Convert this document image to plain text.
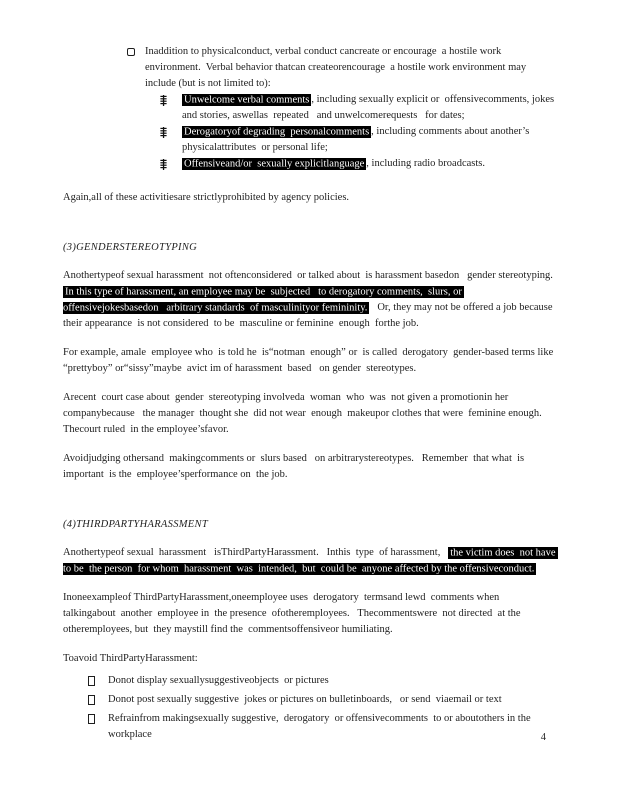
Inaddition to physicalconduct, verbal conduct cancreate or encourage  a hostile work environment.  Verbal behavior thatcan createorencourage  a hostile work environment may include (but is not limited to):

Unwelcome verbal comments , including sexually explicit or  offensivecomments, jokes and stories, aswellas  repeated   and unwelcomerequests   for dates;

Derogatoryof degrading  personalcomments , including comments about another’s physicalattributes  or personal life;

Offensiveand/or  sexually explicitlanguage , including radio broadcasts.

Again,all of these activitiesare strictlyprohibited by agency policies.

(3)GENDERSTEREOTYPING

Anothertypeof sexual harassment  not oftenconsidered  or talked about  is harassment basedon   gender stereotyping.  In this type of harassment, an employee may be  subjected   to derogatory comments,  slurs, or offensivejokesbasedon   arbitrary standards  of masculinityor femininity.   Or, they may not be offered a job because   their appearance  is not considered  to be  masculine or feminine  enough  forthe job.

For example, amale  employee who  is told he  is“notman  enough” or  is called  derogatory  gender-based terms like “prettyboy” or“sissy”maybe  avict im of harassment  based   on gender  stereotypes.

Arecent  court case about  gender  stereotyping involveda  woman  who  was  not given a promotionin her companybecause   the manager  thought she  did not wear  enough  makeupor clothes that were  feminine enough.   Thecourt ruled  in the employee’sfavor.

Avoidjudging othersand  makingcomments or  slurs based   on arbitrarystereotypes.   Remember  that what  is important  is the  employee’sperformance on  the job.

(4)THIRDPARTYHARASSMENT

Anothertypeof sexual  harassment   isThirdPartyHarassment.   Inthis  type  of harassment,   the victim does  not have to be  the person  for whom  harassment  was  intended,  but  could be  anyone affected by the offensiveconduct.

Inoneexampleof ThirdPartyHarassment,oneemployee uses  derogatory  termsand lewd  comments when  talkingabout  another  employee in  the presence  ofotheremployees.   Thecommentswere  not directed  at the  otheremployees, but  they maystill find the  commentsoffensiveor humiliating.

Toavoid ThirdPartyHarassment:

Donot display sexuallysuggestiveobjects  or pictures

Donot post sexually suggestive  jokes or pictures on bulletinboards,   or send  viaemail or text

Refrainfrom makingsexually suggestive,  derogatory  or offensivecomments  to or aboutothers in the workplace	4
